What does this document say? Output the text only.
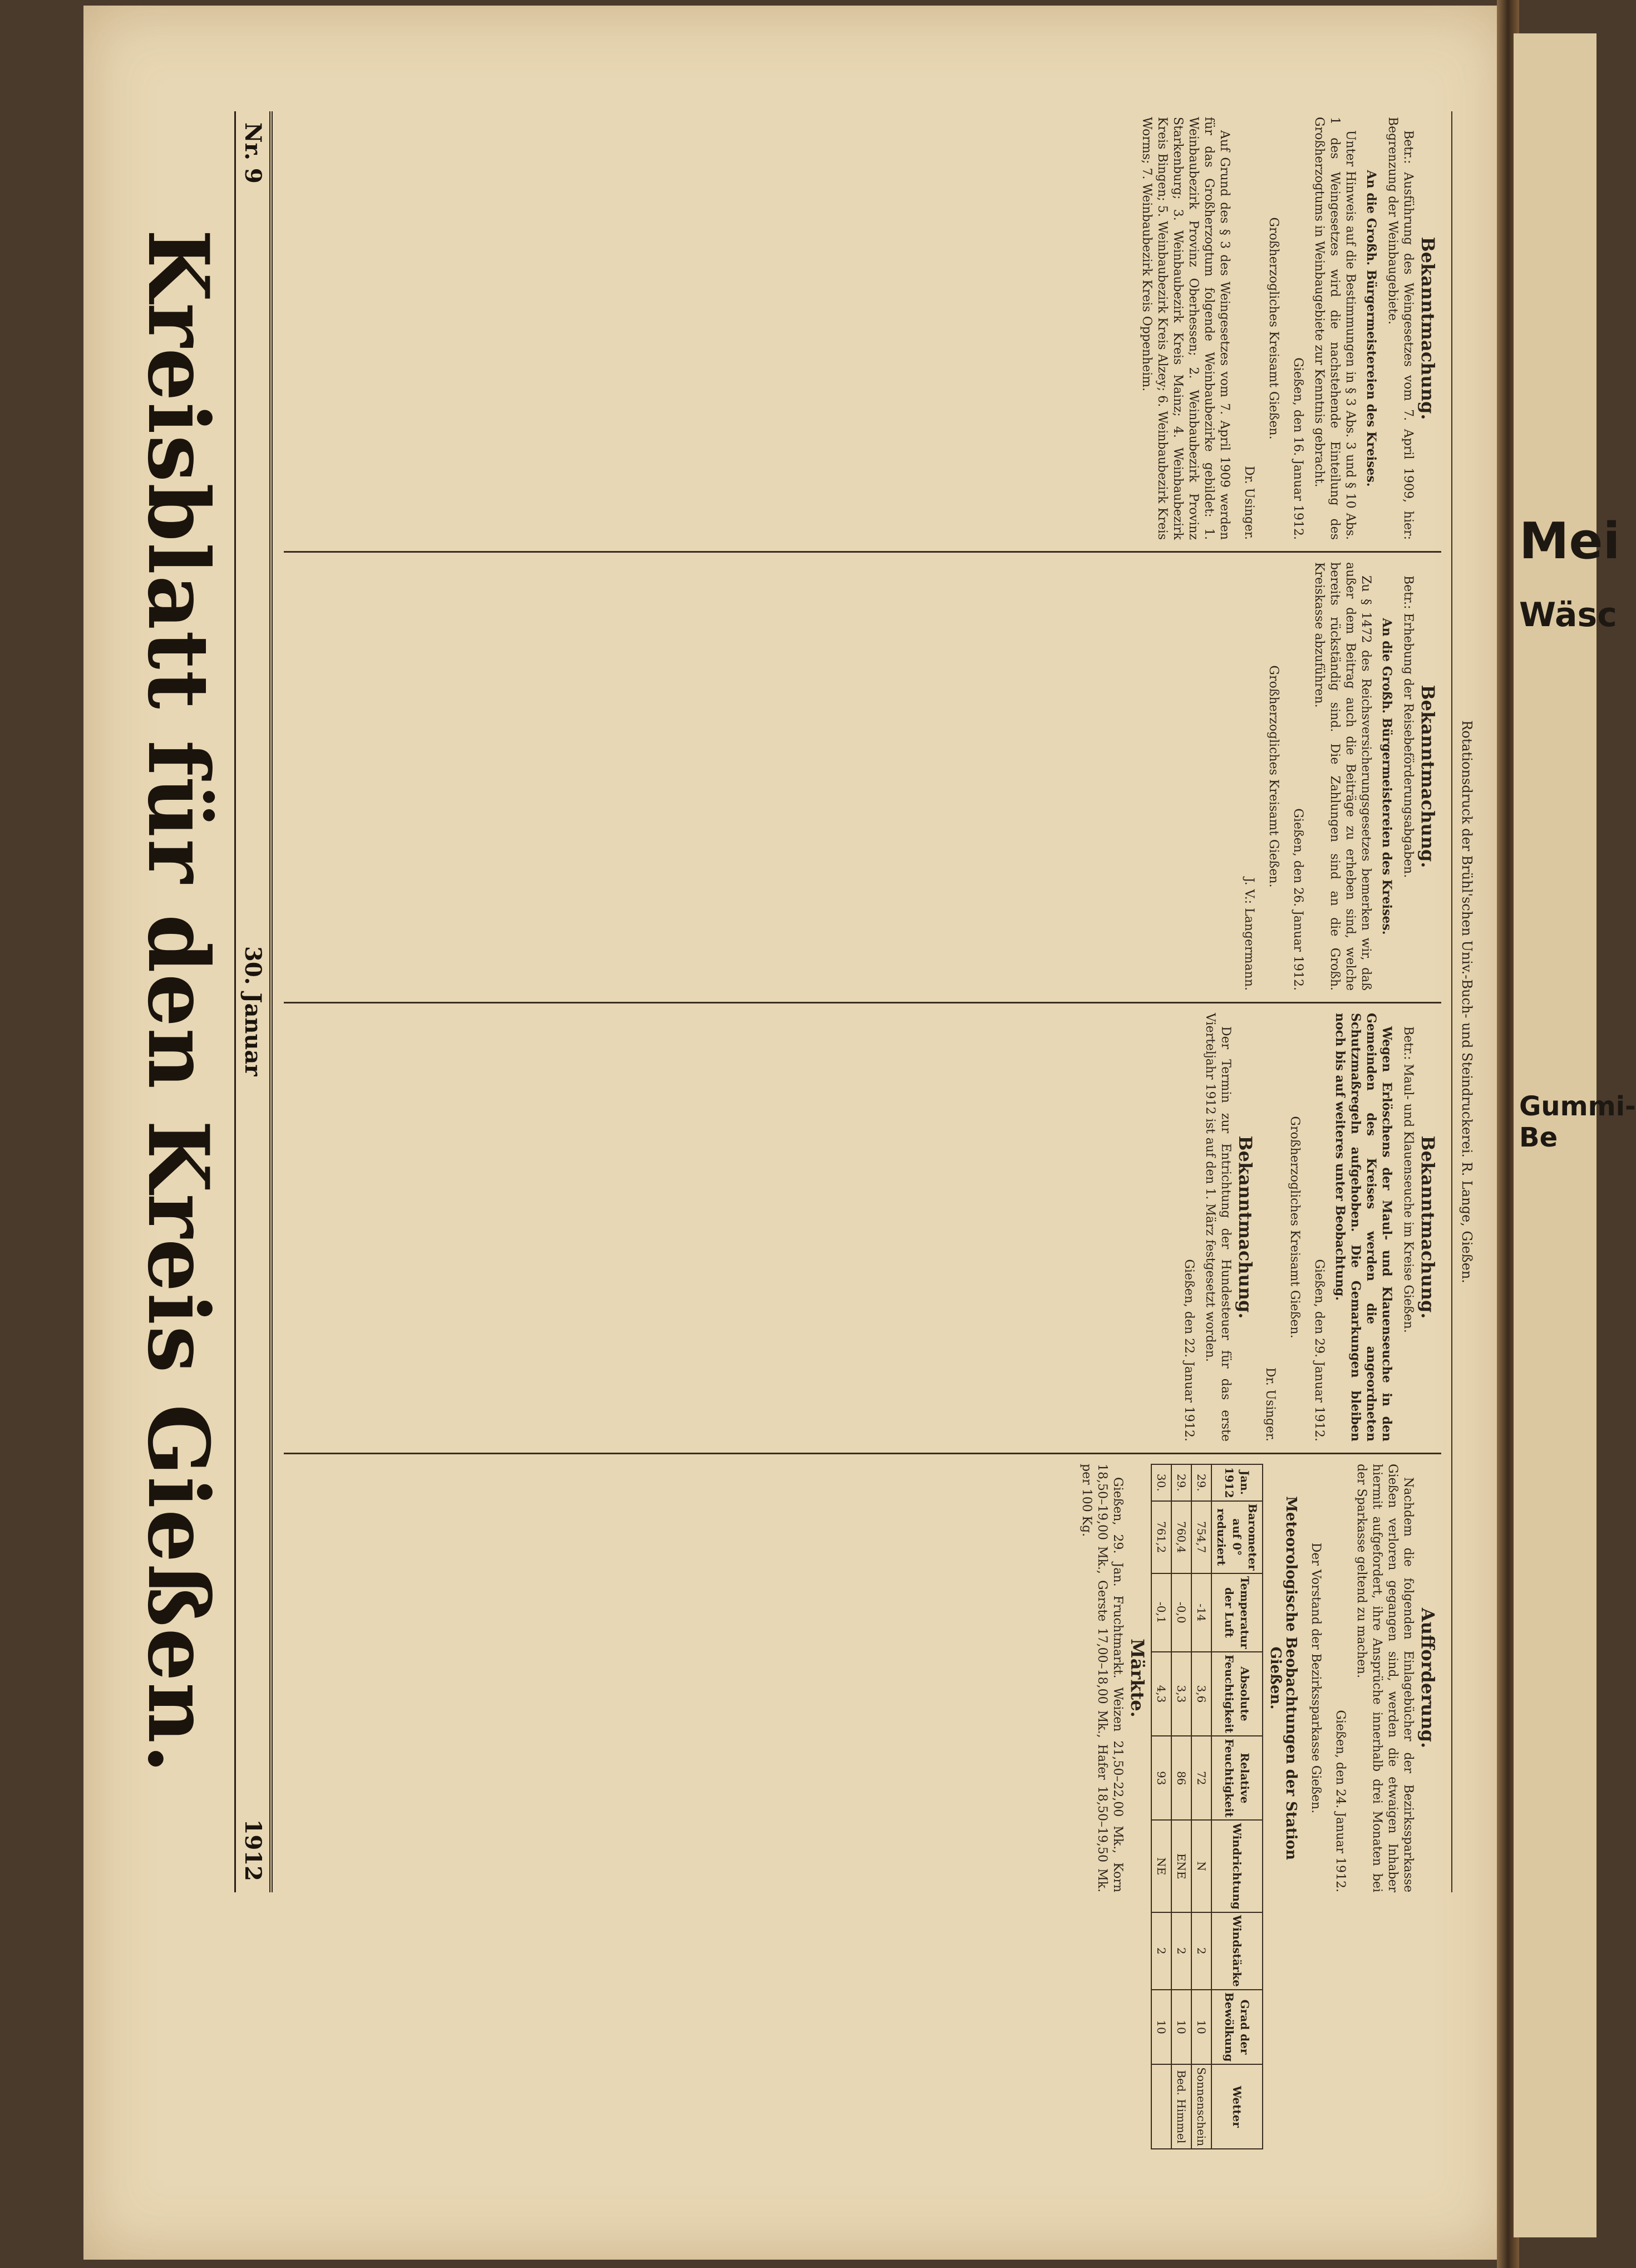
Mei
Wäsc
Gummi-Be
Kreisblatt für den Kreis Gießen.
Nr. 9
30. Januar
1912
Bekanntmachung.

Betr.: Ausführung des Weingesetzes vom 7. April 1909, hier: Begrenzung der Weinbaugebiete.

An die Großh. Bürgermeistereien des Kreises.

Unter Hinweis auf die Bestimmungen in § 3 Abs. 3 und § 10 Abs. 1 des Weingesetzes wird die nachstehende Einteilung des Großherzogtums in Weinbaugebiete zur Kenntnis gebracht.

Gießen, den 16. Januar 1912.
Großherzogliches Kreisamt Gießen.
Dr. Usinger.

Auf Grund des § 3 des Weingesetzes vom 7. April 1909 werden für das Großherzogtum folgende Weinbaubezirke gebildet: 1. Weinbaubezirk Provinz Oberhessen; 2. Weinbaubezirk Provinz Starkenburg; 3. Weinbaubezirk Kreis Mainz; 4. Weinbaubezirk Kreis Bingen; 5. Weinbaubezirk Kreis Alzey; 6. Weinbaubezirk Kreis Worms; 7. Weinbaubezirk Kreis Oppenheim.

Bekanntmachung.

Betr.: Erhebung der Reisebeförderungsabgaben.

An die Großh. Bürgermeistereien des Kreises.

Zu § 1472 des Reichsversicherungsgesetzes bemerken wir, daß außer dem Beitrag auch die Beiträge zu erheben sind, welche bereits rückständig sind. Die Zahlungen sind an die Großh. Kreiskasse abzuführen.

Gießen, den 26. Januar 1912.
Großherzogliches Kreisamt Gießen.
J. V.: Langermann.
Bekanntmachung.

Betr.: Maul- und Klauenseuche im Kreise Gießen.

Wegen Erlöschens der Maul- und Klauenseuche in den Gemeinden des Kreises werden die angeordneten Schutzmaßregeln aufgehoben. Die Gemarkungen bleiben noch bis auf weiteres unter Beobachtung.

Gießen, den 29. Januar 1912.
Großherzogliches Kreisamt Gießen.
Dr. Usinger.
Bekanntmachung.

Der Termin zur Entrichtung der Hundesteuer für das erste Vierteljahr 1912 ist auf den 1. März festgesetzt worden.

Gießen, den 22. Januar 1912.
Aufforderung.

Nachdem die folgenden Einlagebücher der Bezirkssparkasse Gießen verloren gegangen sind, werden die etwaigen Inhaber hiermit aufgefordert, ihre Ansprüche innerhalb drei Monaten bei der Sparkasse geltend zu machen.

Gießen, den 24. Januar 1912.
Der Vorstand der Bezirkssparkasse Gießen.
Meteorologische Beobachtungen der Station Gießen.
Jan. 1912	Barometer auf 0° reduziert	Temperatur der Luft	Absolute Feuchtigkeit	Relative Feuchtigkeit	Windrichtung	Windstärke	Grad der Bewölkung	Wetter
29.	754,7	-14	3,6	72	N	2	10	Sonnenschein
29.	760,4	-0,0	3,3	86	ENE	2	10	Bed. Himmel
30.	761,2	-0,1	4,3	93	NE	2	10	
Märkte.

Gießen, 29. Jan. Fruchtmarkt. Weizen 21,50–22,00 Mk., Korn 18,50–19,00 Mk., Gerste 17,00–18,00 Mk., Hafer 18,50–19,50 Mk. per 100 Kg.

Rotationsdruck der Brühl'schen Univ.-Buch- und Steindruckerei. R. Lange, Gießen.
